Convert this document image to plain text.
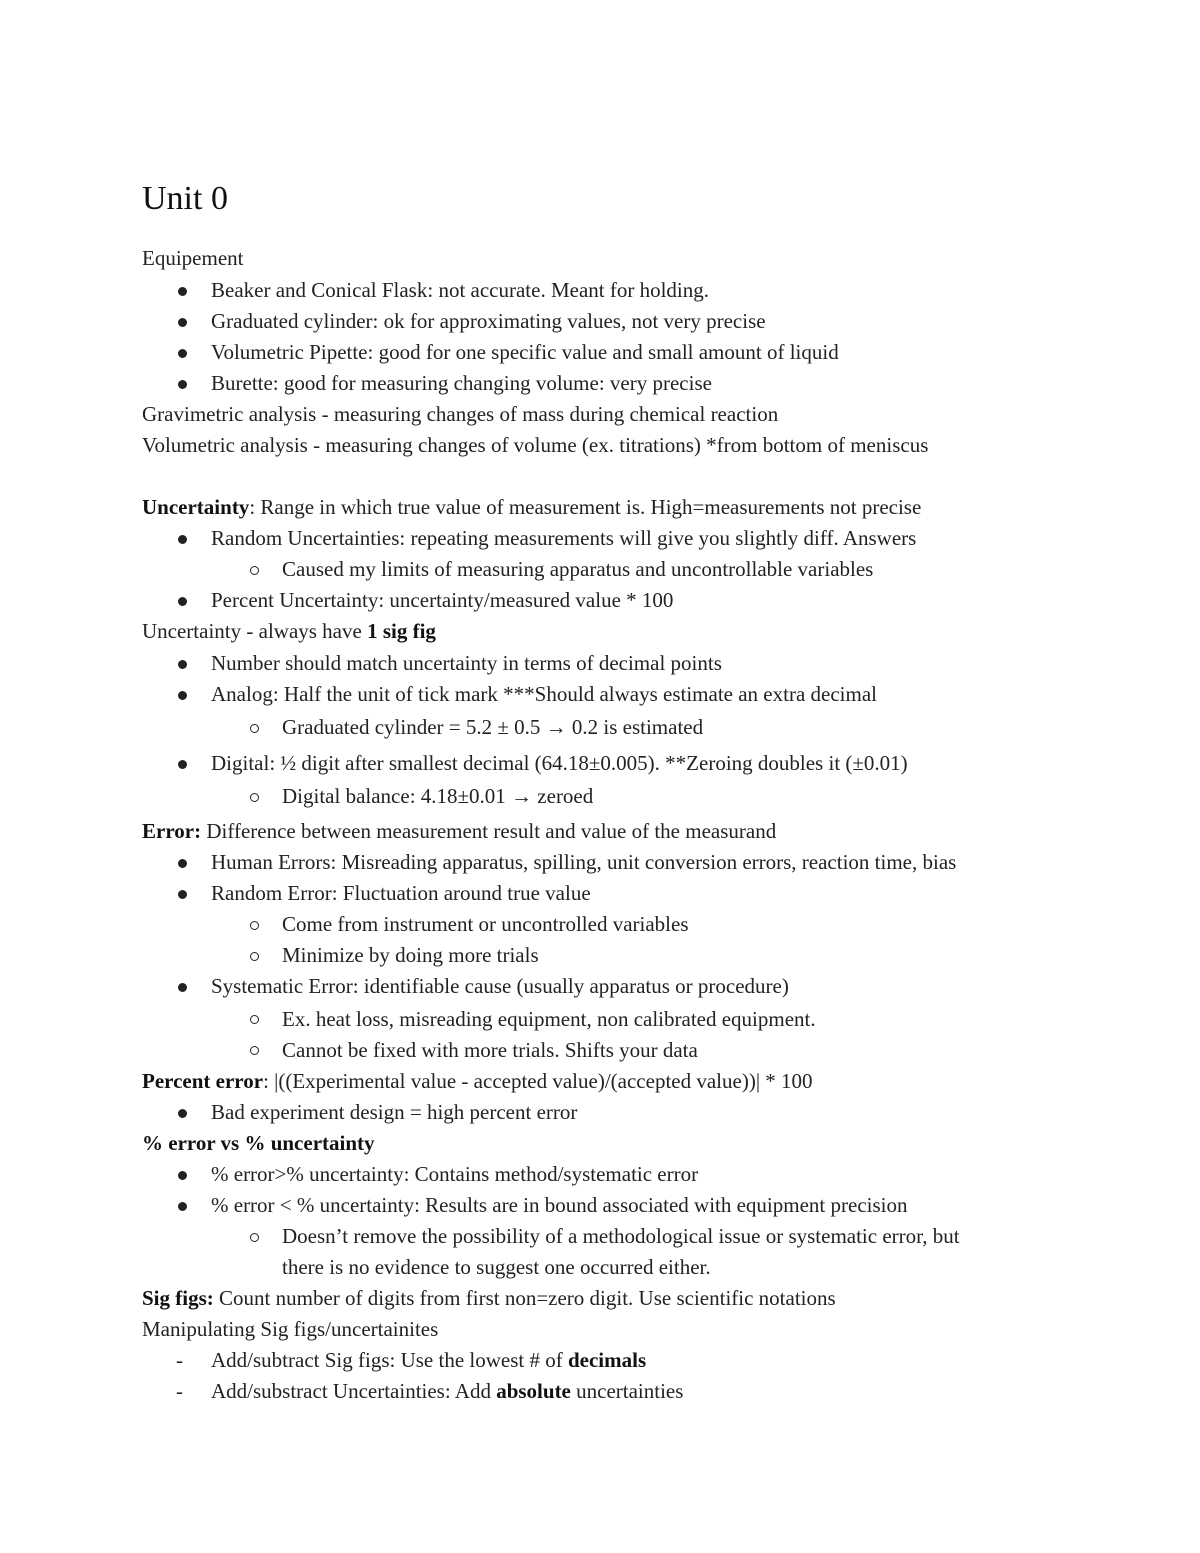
Unit 0
Equipement
Beaker and Conical Flask: not accurate. Meant for holding.
Graduated cylinder: ok for approximating values, not very precise
Volumetric Pipette: good for one specific value and small amount of liquid
Burette: good for measuring changing volume: very precise
Gravimetric analysis - measuring changes of mass during chemical reaction
Volumetric analysis - measuring changes of volume (ex. titrations) *from bottom of meniscus
Uncertainty: Range in which true value of measurement is. High=measurements not precise
Random Uncertainties: repeating measurements will give you slightly diff. Answers
Caused my limits of measuring apparatus and uncontrollable variables
Percent Uncertainty: uncertainty/measured value * 100
Uncertainty - always have 1 sig fig
Number should match uncertainty in terms of decimal points
Analog: Half the unit of tick mark ***Should always estimate an extra decimal
Graduated cylinder = 5.2 ± 0.5 → 0.2 is estimated
Digital: ½ digit after smallest decimal (64.18±0.005). **Zeroing doubles it (±0.01)
Digital balance: 4.18±0.01 → zeroed
Error: Difference between measurement result and value of the measurand
Human Errors: Misreading apparatus, spilling, unit conversion errors, reaction time, bias
Random Error: Fluctuation around true value
Come from instrument or uncontrolled variables
Minimize by doing more trials
Systematic Error: identifiable cause (usually apparatus or procedure)
Ex. heat loss, misreading equipment, non calibrated equipment.
Cannot be fixed with more trials. Shifts your data
Percent error: |((Experimental value - accepted value)/(accepted value))| * 100
Bad experiment design = high percent error
% error vs % uncertainty
% error>% uncertainty: Contains method/systematic error
% error < % uncertainty: Results are in bound associated with equipment precision
Doesn’t remove the possibility of a methodological issue or systematic error, but
there is no evidence to suggest one occurred either.
Sig figs: Count number of digits from first non=zero digit. Use scientific notations
Manipulating Sig figs/uncertainites
- Add/subtract Sig figs: Use the lowest # of decimals
- Add/substract Uncertainties: Add absolute uncertainties
